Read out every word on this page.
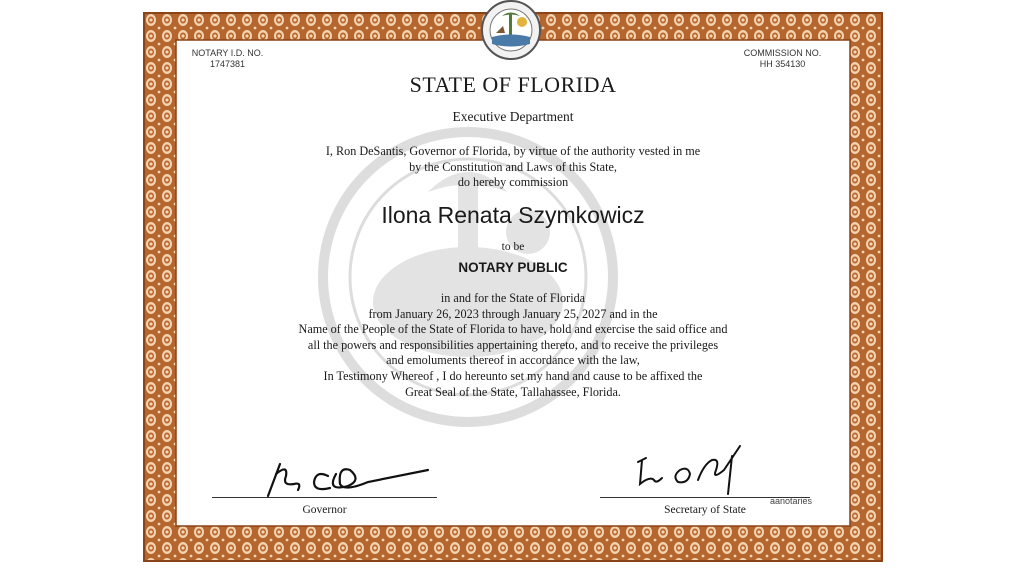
NOTARY I.D. NO.
1747381
COMMISSION NO.
HH 354130
STATE OF FLORIDA
Executive Department
I, Ron DeSantis, Governor of Florida, by virtue of the authority vested in me
by the Constitution and Laws of this State,
do hereby commission
Ilona Renata Szymkowicz
to be
NOTARY PUBLIC
in and for the State of Florida
from January 26, 2023 through January 25, 2027 and in the
Name of the People of the State of Florida to have, hold and exercise the said office and
all the powers and responsibilities appertaining thereto, and to receive the privileges
and emoluments thereof in accordance with the law,
In Testimony Whereof , I do hereunto set my hand and cause to be affixed the
Great Seal of the State, Tallahassee, Florida.
Governor	Secretary of State
aanotaries
